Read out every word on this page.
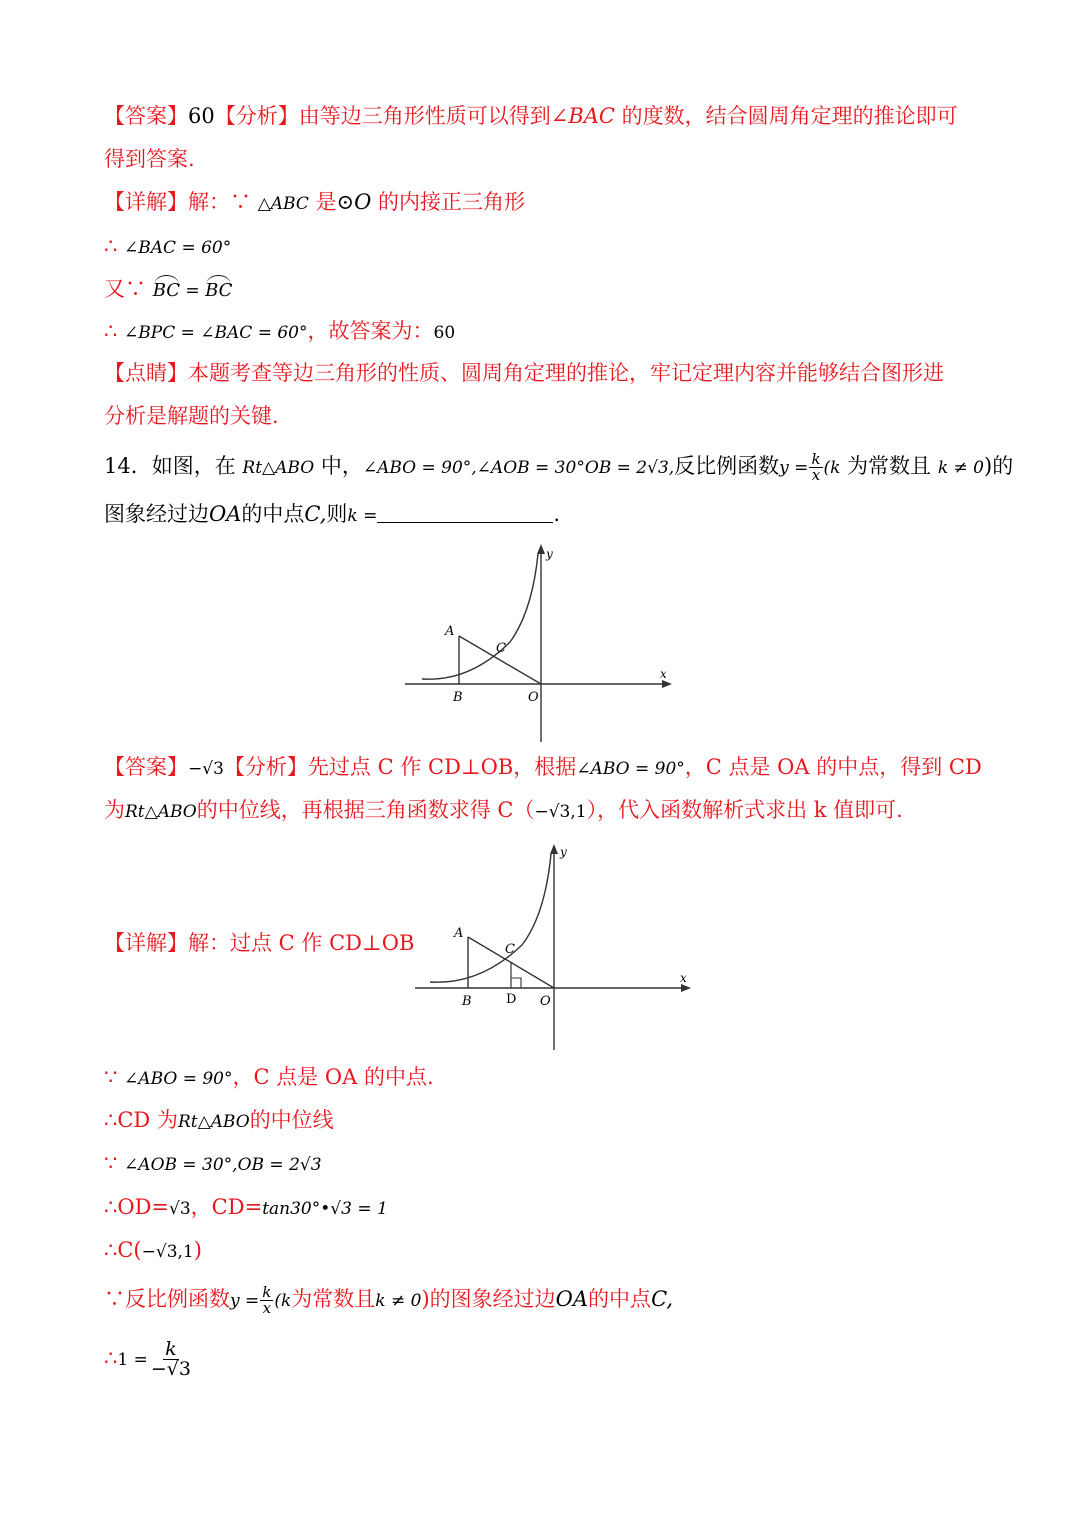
【答案】60【分析】由等边三角形性质可以得到∠BAC 的度数，结合圆周角定理的推论即可
得到答案.
【详解】解：∵ △ABC 是⊙O 的内接正三角形
∴ ∠BAC = 60°
又∵ BC = BC
∴ ∠BPC = ∠BAC = 60°，故答案为：60
【点睛】本题考查等边三角形的性质、圆周角定理的推论，牢记定理内容并能够结合图形进
分析是解题的关键.
14．如图，在 Rt△ABO 中，∠ABO = 90°,∠AOB = 30°OB = 2√3,反比例函数$y = \frac{k}{x} (k$ 为常数且 k ≠ 0)的
图象经过边OA的中点C,则k =	.
y
x
A
C
B	O
【答案】−√3【分析】先过点 C 作 CD⊥OB，根据∠ABO = 90°，C 点是 OA 的中点，得到 CD
为Rt△ABO的中位线，再根据三角函数求得 C（−√3,1），代入函数解析式求出 k 值即可.
【详解】解：过点 C 作 CD⊥OB
y
x
A
C
B	D O
∵ ∠ABO = 90°，C 点是 OA 的中点.
∴CD 为Rt△ABO的中位线
∵ ∠AOB = 30°,OB = 2√3
∴OD=√3，CD=tan30°•√3 = 1
∴C(−√3,1)
∵反比例函数$y = \frac{k}{x} (k$为常数且k ≠ 0)的图象经过边OA的中点C,
∴1 = $\frac{k}{-√3}$
